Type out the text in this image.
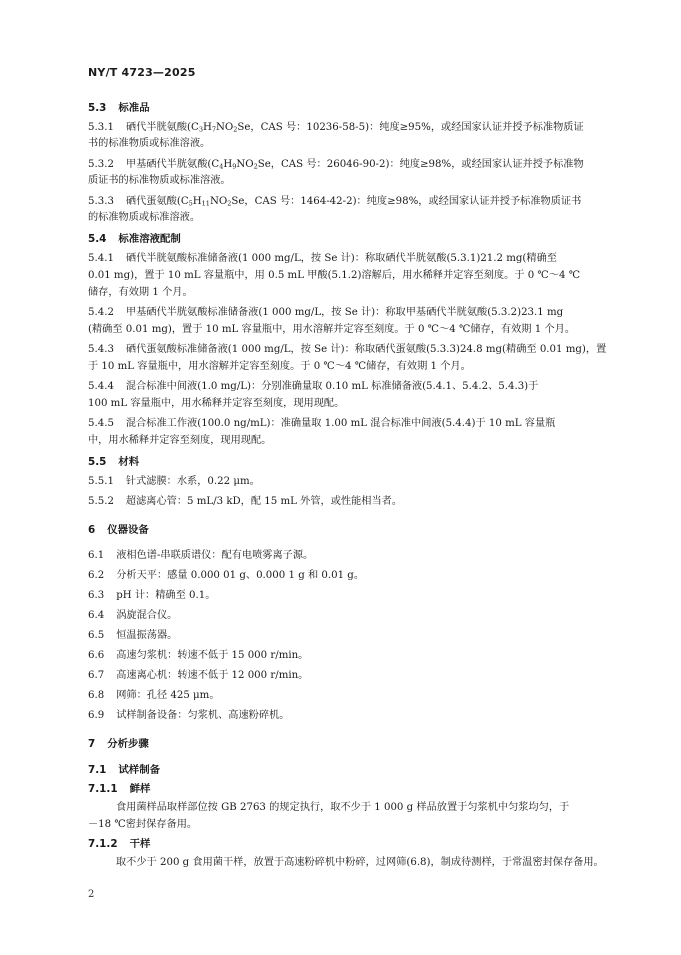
NY/T 4723—2025
5.3 标准品
5.3.1 硒代半胱氨酸($C_3H_7NO_2Se$，CAS 号：10236-58-5)：纯度≥95%，或经国家认证并授予标准物质证
书的标准物质或标准溶液。
5.3.2 甲基硒代半胱氨酸($C_4H_9NO_2Se$，CAS 号：26046-90-2)：纯度≥98%，或经国家认证并授予标准物
质证书的标准物质或标准溶液。
5.3.3 硒代蛋氨酸($C_5H_{11}NO_2Se$，CAS 号：1464-42-2)：纯度≥98%，或经国家认证并授予标准物质证书
的标准物质或标准溶液。
5.4 标准溶液配制
5.4.1 硒代半胱氨酸标准储备液(1 000 mg/L，按 Se 计)：称取硒代半胱氨酸(5.3.1)21.2 mg(精确至
0.01 mg)，置于 10 mL 容量瓶中，用 0.5 mL 甲酸(5.1.2)溶解后，用水稀释并定容至刻度。于 0 ℃～4 ℃
储存，有效期 1 个月。
5.4.2 甲基硒代半胱氨酸标准储备液(1 000 mg/L，按 Se 计)：称取甲基硒代半胱氨酸(5.3.2)23.1 mg
(精确至 0.01 mg)，置于 10 mL 容量瓶中，用水溶解并定容至刻度。于 0 ℃～4 ℃储存，有效期 1 个月。
5.4.3 硒代蛋氨酸标准储备液(1 000 mg/L，按 Se 计)：称取硒代蛋氨酸(5.3.3)24.8 mg(精确至 0.01 mg)，置
于 10 mL 容量瓶中，用水溶解并定容至刻度。于 0 ℃～4 ℃储存，有效期 1 个月。
5.4.4 混合标准中间液(1.0 mg/L)：分别准确量取 0.10 mL 标准储备液(5.4.1、5.4.2、5.4.3)于
100 mL 容量瓶中，用水稀释并定容至刻度，现用现配。
5.4.5 混合标准工作液(100.0 ng/mL)：准确量取 1.00 mL 混合标准中间液(5.4.4)于 10 mL 容量瓶
中，用水稀释并定容至刻度，现用现配。
5.5 材料
5.5.1 针式滤膜：水系，0.22 μm。
5.5.2 超滤离心管：5 mL/3 kD，配 15 mL 外管，或性能相当者。
6 仪器设备
6.1 液相色谱-串联质谱仪：配有电喷雾离子源。
6.2 分析天平：感量 0.000 01 g、0.000 1 g 和 0.01 g。
6.3 pH 计：精确至 0.1。
6.4 涡旋混合仪。
6.5 恒温振荡器。
6.6 高速匀浆机：转速不低于 15 000 r/min。
6.7 高速离心机：转速不低于 12 000 r/min。
6.8 网筛：孔径 425 μm。
6.9 试样制备设备：匀浆机、高速粉碎机。
7 分析步骤
7.1 试样制备
7.1.1 鲜样
食用菌样品取样部位按 GB 2763 的规定执行，取不少于 1 000 g 样品放置于匀浆机中匀浆均匀，于
－18 ℃密封保存备用。
7.1.2 干样
取不少于 200 g 食用菌干样，放置于高速粉碎机中粉碎，过网筛(6.8)，制成待测样，于常温密封保存备用。
2
